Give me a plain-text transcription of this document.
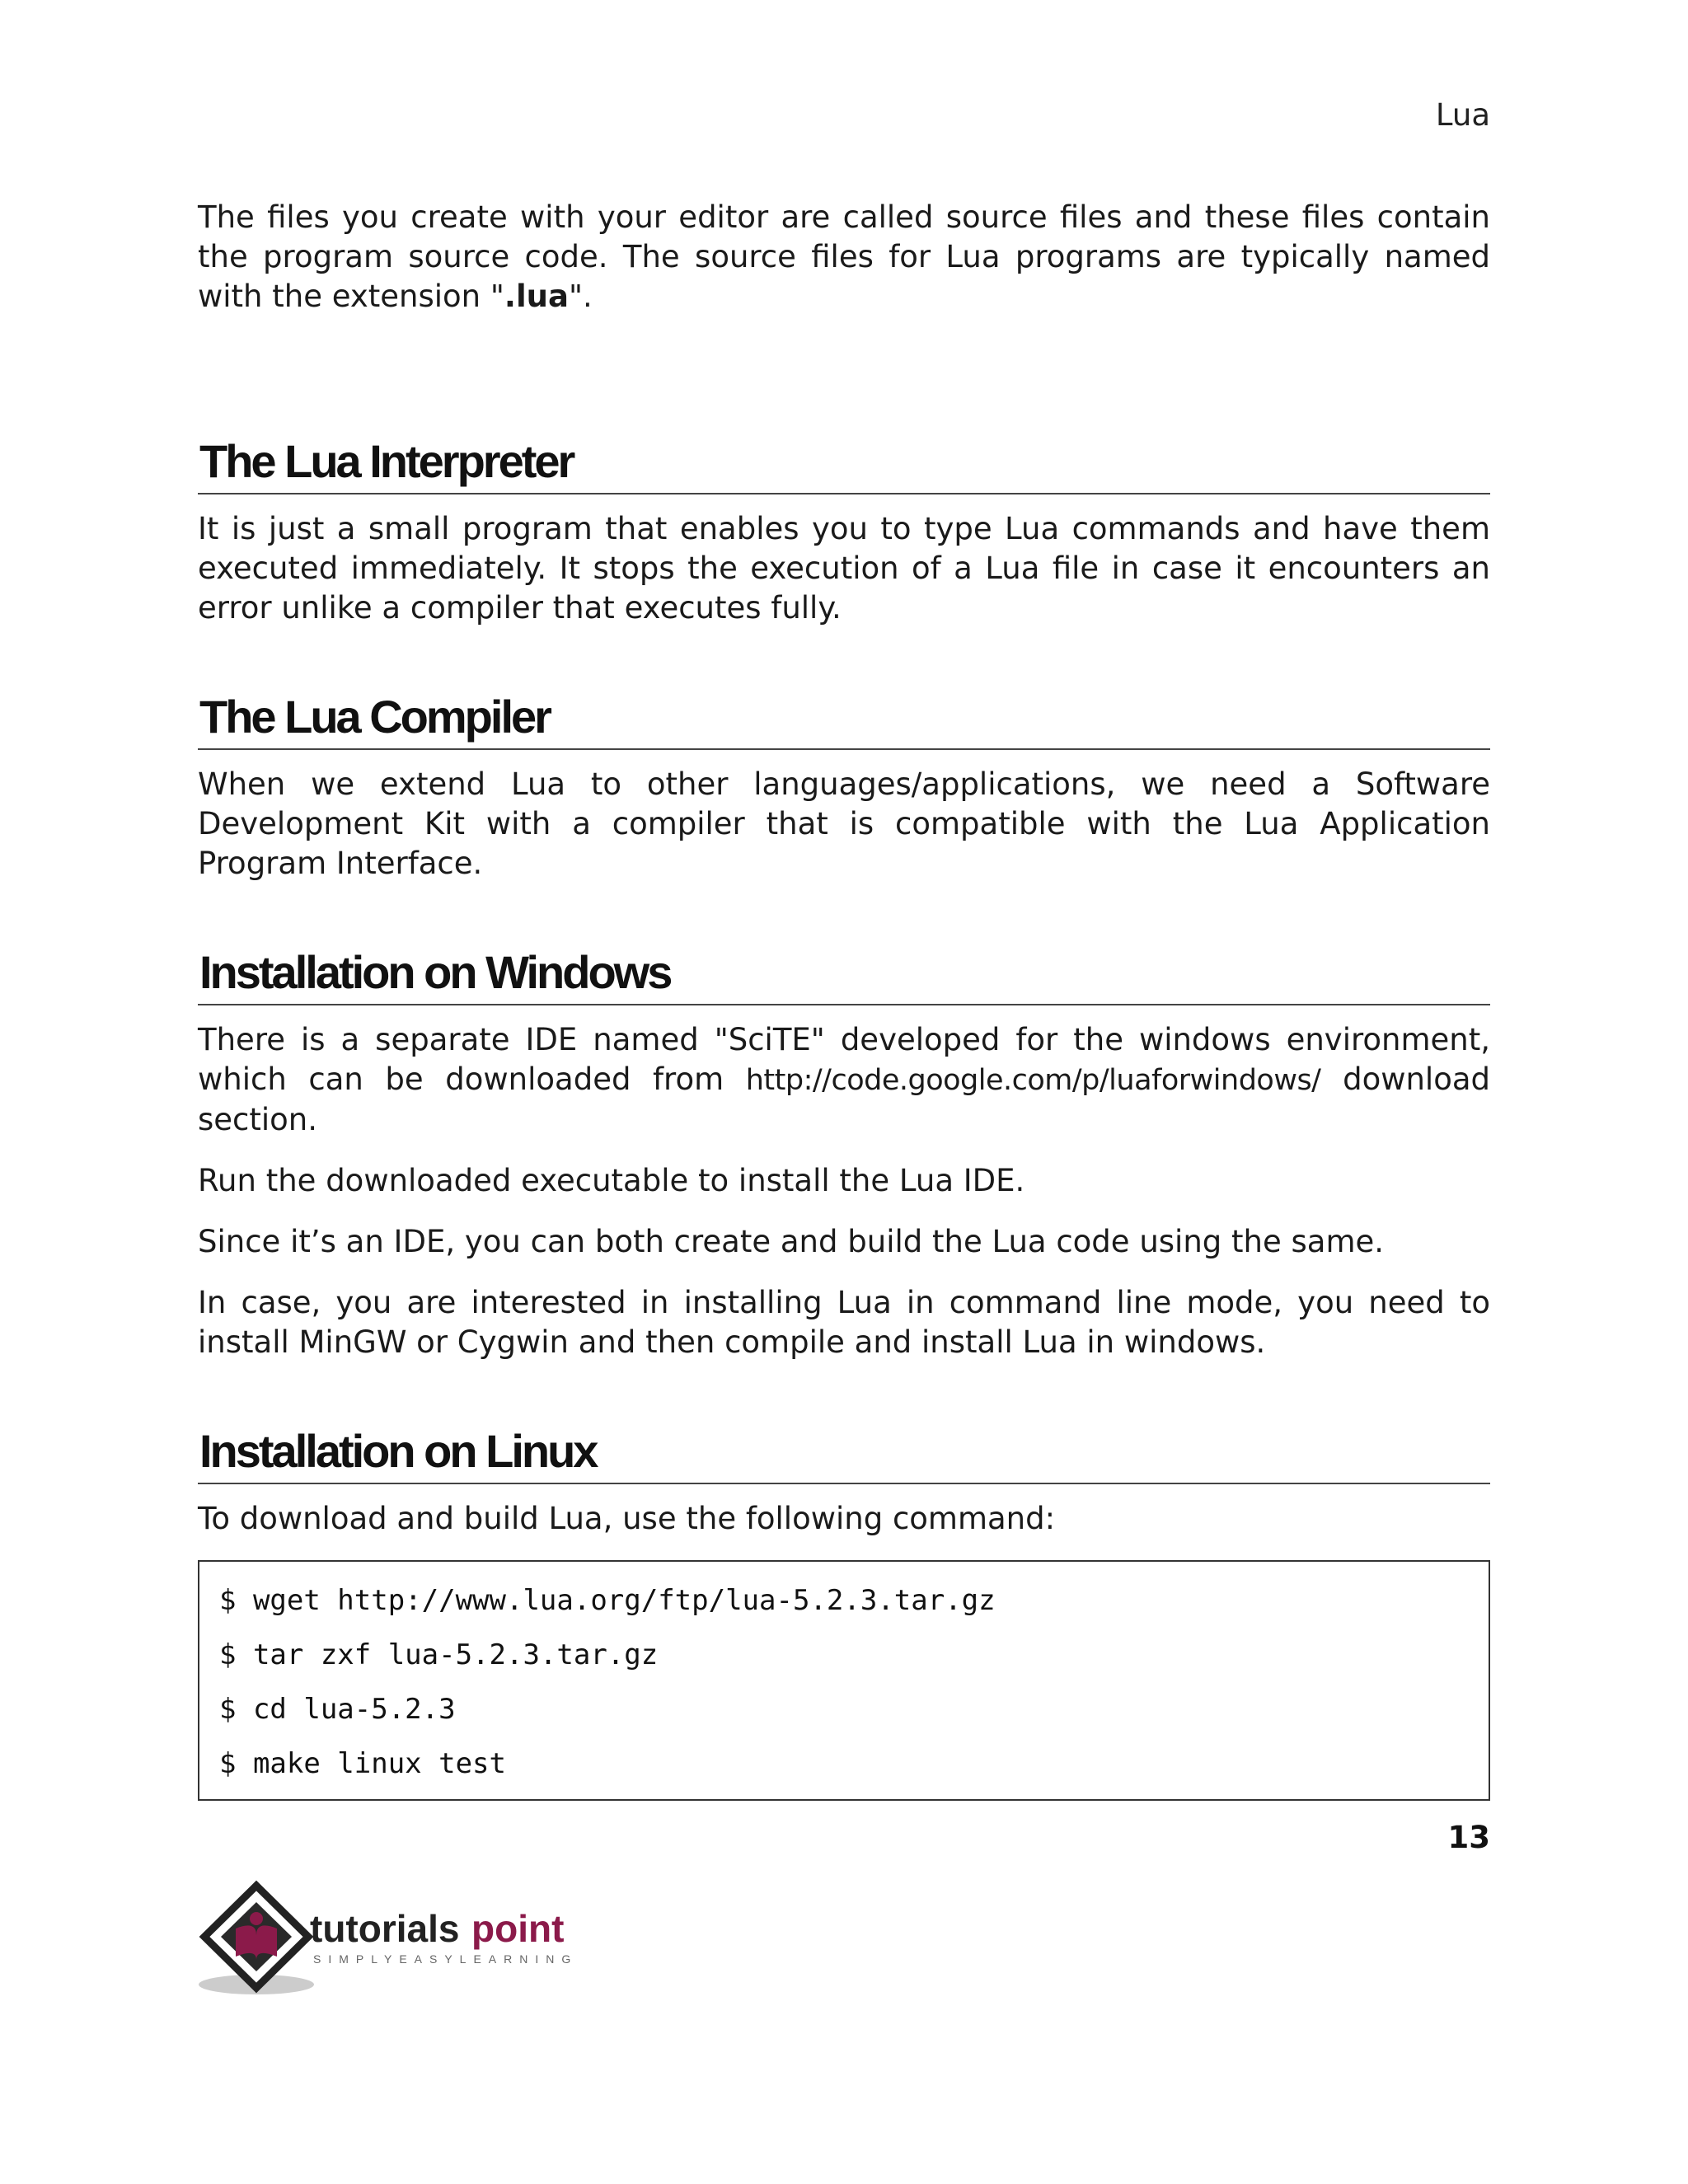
Lua

The files you create with your editor are called source files and these files contain the program source code. The source files for Lua programs are typically named with the extension ".lua".

The Lua Interpreter

It is just a small program that enables you to type Lua commands and have them executed immediately. It stops the execution of a Lua file in case it encounters an error unlike a compiler that executes fully.

The Lua Compiler

When we extend Lua to other languages/applications, we need a Software Development Kit with a compiler that is compatible with the Lua Application Program Interface.

Installation on Windows

There is a separate IDE named "SciTE" developed for the windows environment, which can be downloaded from http://code.google.com/p/luaforwindows/ download section.

Run the downloaded executable to install the Lua IDE.

Since it’s an IDE, you can both create and build the Lua code using the same.

In case, you are interested in installing Lua in command line mode, you need to install MinGW or Cygwin and then compile and install Lua in windows.

Installation on Linux

To download and build Lua, use the following command:

$ wget http://www.lua.org/ftp/lua-5.2.3.tar.gz
$ tar zxf lua-5.2.3.tar.gz
$ cd lua-5.2.3
$ make linux test
13
tutorials point
SIMPLYEASYLEARNING
